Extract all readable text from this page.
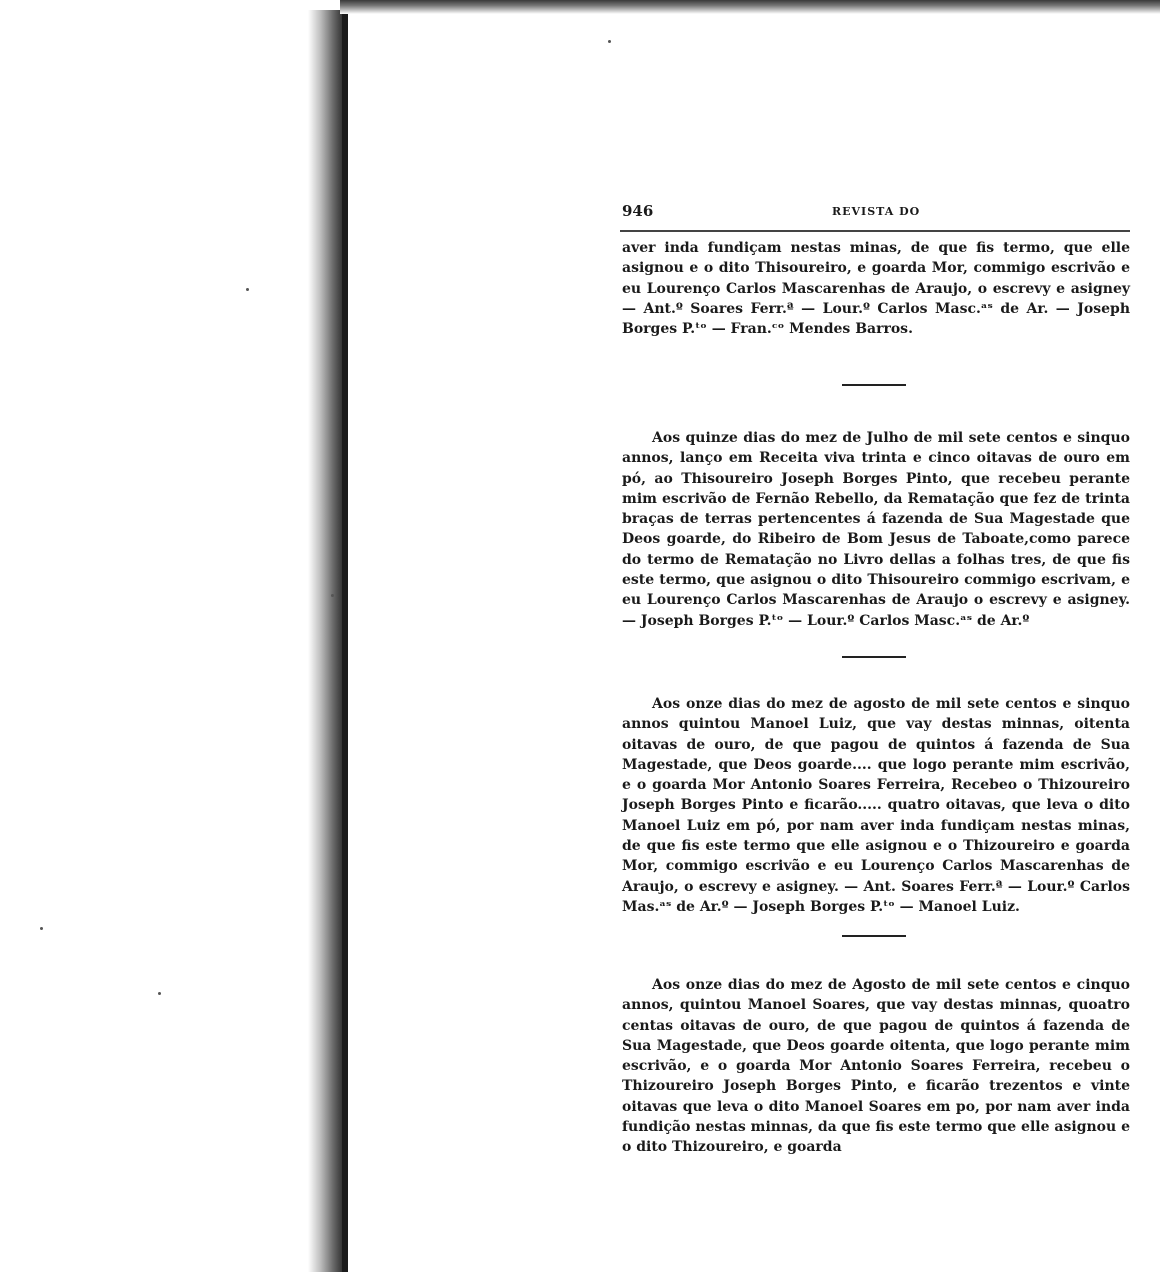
946	REVISTA DO

aver inda fundiçam nestas minas, de que fis termo, que elle asignou e o dito Thisoureiro, e goarda Mor, commigo escrivão e eu Lourenço Carlos Mascarenhas de Araujo, o escrevy e asigney — Ant.º Soares Ferr.ª — Lour.º Carlos Masc.ᵃˢ de Ar. — Joseph Borges P.ᵗᵒ — Fran.ᶜᵒ Mendes Barros.

Aos quinze dias do mez de Julho de mil sete centos e sinquo annos, lanço em Receita viva trinta e cinco oitavas de ouro em pó, ao Thisoureiro Joseph Borges Pinto, que recebeu perante mim escrivão de Fernão Rebello, da Rematação que fez de trinta braças de terras pertencentes á fazenda de Sua Magestade que Deos goarde, do Ribeiro de Bom Jesus de Taboate,como parece do termo de Rematação no Livro dellas a folhas tres, de que fis este termo, que asignou o dito Thisoureiro commigo escrivam, e eu Lourenço Carlos Mascarenhas de Araujo o escrevy e asigney. — Joseph Borges P.ᵗᵒ — Lour.º Carlos Masc.ᵃˢ de Ar.º

Aos onze dias do mez de agosto de mil sete centos e sinquo annos quintou Manoel Luiz, que vay destas minnas, oitenta oitavas de ouro, de que pagou de quintos á fazenda de Sua Magestade, que Deos goarde.... que logo perante mim escrivão, e o goarda Mor Antonio Soares Ferreira, Recebeo o Thizoureiro Joseph Borges Pinto e ficarão..... quatro oitavas, que leva o dito Manoel Luiz em pó, por nam aver inda fundiçam nestas minas, de que fis este termo que elle asignou e o Thizoureiro e goarda Mor, commigo escrivão e eu Lourenço Carlos Mascarenhas de Araujo, o escrevy e asigney. — Ant. Soares Ferr.ª — Lour.º Carlos Mas.ᵃˢ de Ar.º — Joseph Borges P.ᵗᵒ — Manoel Luiz.

Aos onze dias do mez de Agosto de mil sete centos e cinquo annos, quintou Manoel Soares, que vay destas minnas, quoatro centas oitavas de ouro, de que pagou de quintos á fazenda de Sua Magestade, que Deos goarde oitenta, que logo perante mim escrivão, e o goarda Mor Antonio Soares Ferreira, recebeu o Thizoureiro Joseph Borges Pinto, e ficarão trezentos e vinte oitavas que leva o dito Manoel Soares em po, por nam aver inda fundição nestas minnas, da que fis este termo que elle asignou e o dito Thizoureiro, e goarda
